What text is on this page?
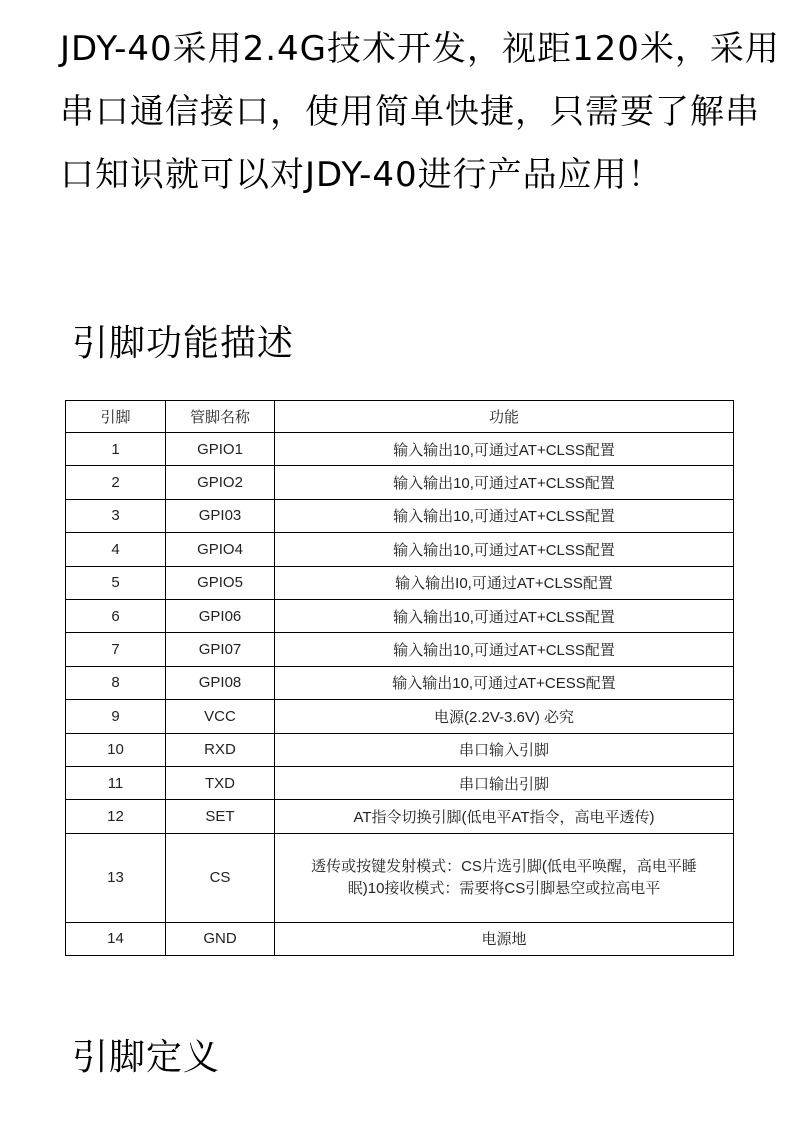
JDY-40采用2.4G技术开发，视距120米，采用串口通信接口，使用简单快捷，只需要了解串口知识就可以对JDY-40进行产品应用！

引脚功能描述
引脚	管脚名称	功能
1	GPIO1	输入输出10,可通过AT+CLSS配置
2	GPIO2	输入输出10,可通过AT+CLSS配置
3	GPI03	输入输出10,可通过AT+CLSS配置
4	GPIO4	输入输出10,可通过AT+CLSS配置
5	GPIO5	输入输出I0,可通过AT+CLSS配置
6	GPI06	输入输出10,可通过AT+CLSS配置
7	GPI07	输入输出10,可通过AT+CLSS配置
8	GPI08	输入输出10,可通过AT+CESS配置
9	VCC	电源(2.2V-3.6V) 必究
10	RXD	串口输入引脚
11	TXD	串口输出引脚
12	SET	AT指令切换引脚(低电平AT指令，高电平透传)
13	CS	透传或按键发射模式：CS片选引脚(低电平唤醒，高电平睡眠)10接收模式：需要将CS引脚悬空或拉高电平
14	GND	电源地
引脚定义
